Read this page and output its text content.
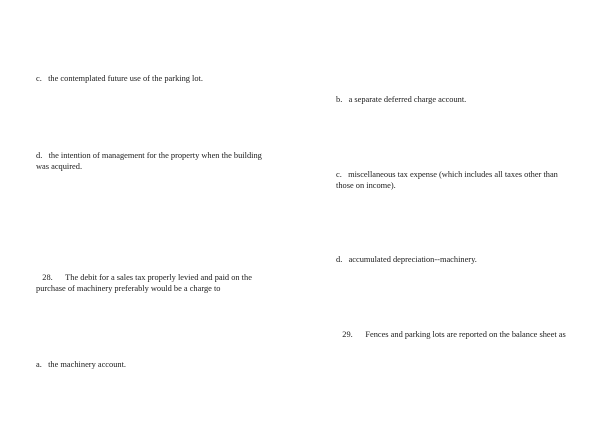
c.   the contemplated future use of the parking lot.

d.   the intention of management for the property when the building was acquired.

28.      The debit for a sales tax properly levied and paid on the purchase of machinery preferably would be a charge to

a.   the machinery account.

b.   a separate deferred charge account.

c.   miscellaneous tax expense (which includes all taxes other than those on income).

d.   accumulated depreciation--machinery.

29.      Fences and parking lots are reported on the balance sheet as
